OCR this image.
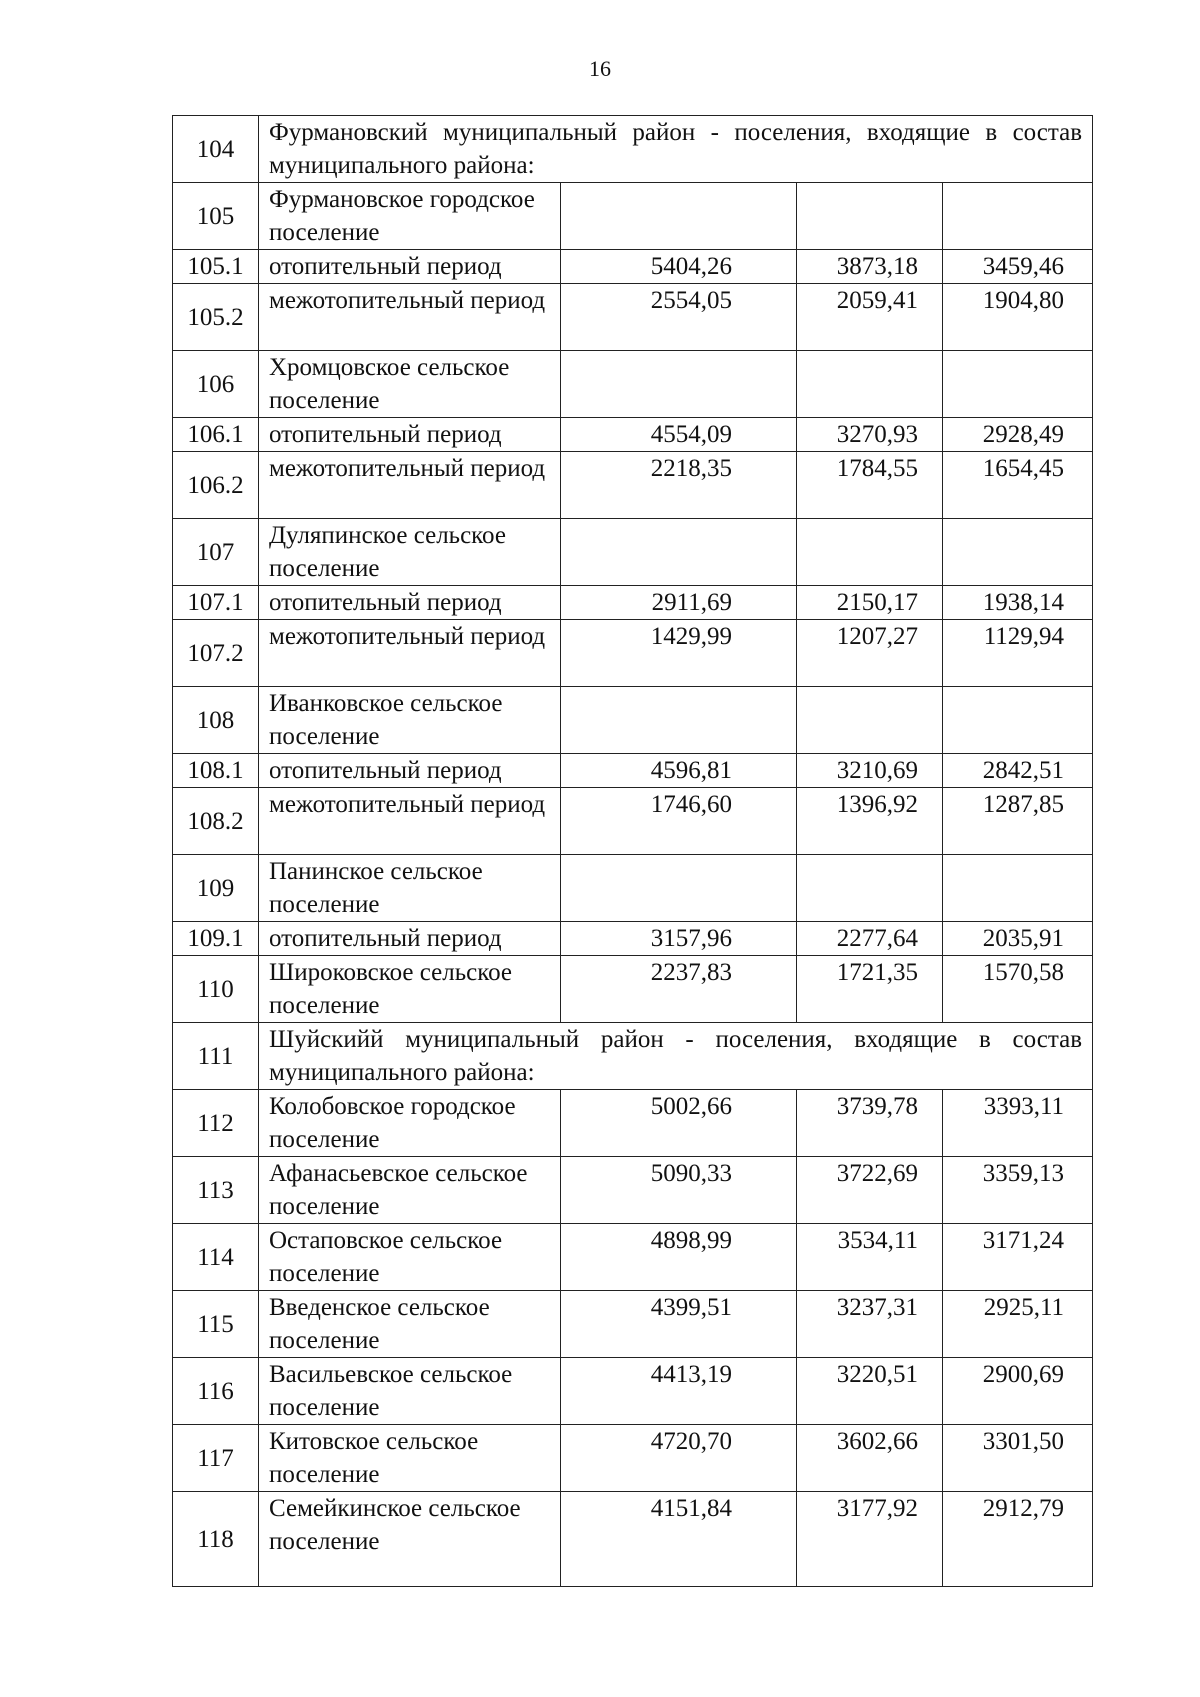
16
104	Фурмановский муниципальный район - поселения, входящие в состав муниципального района:			
105	Фурмановское городское поселение			
105.1	отопительный период	5404,26	3873,18	3459,46
105.2	межотопительный период	2554,05	2059,41	1904,80
106	Хромцовское сельское поселение			
106.1	отопительный период	4554,09	3270,93	2928,49
106.2	межотопительный период	2218,35	1784,55	1654,45
107	Дуляпинское сельское поселение			
107.1	отопительный период	2911,69	2150,17	1938,14
107.2	межотопительный период	1429,99	1207,27	1129,94
108	Иванковское сельское поселение			
108.1	отопительный период	4596,81	3210,69	2842,51
108.2	межотопительный период	1746,60	1396,92	1287,85
109	Панинское сельское поселение			
109.1	отопительный период	3157,96	2277,64	2035,91
110	Широковское сельское поселение	2237,83	1721,35	1570,58
111	Шуйскийй муниципальный район - поселения, входящие в состав муниципального района:			
112	Колобовское городское поселение	5002,66	3739,78	3393,11
113	Афанасьевское сельское поселение	5090,33	3722,69	3359,13
114	Остаповское сельское поселение	4898,99	3534,11	3171,24
115	Введенское сельское поселение	4399,51	3237,31	2925,11
116	Васильевское сельское поселение	4413,19	3220,51	2900,69
117	Китовское сельское поселение	4720,70	3602,66	3301,50
118	Семейкинское сельское поселение	4151,84	3177,92	2912,79
